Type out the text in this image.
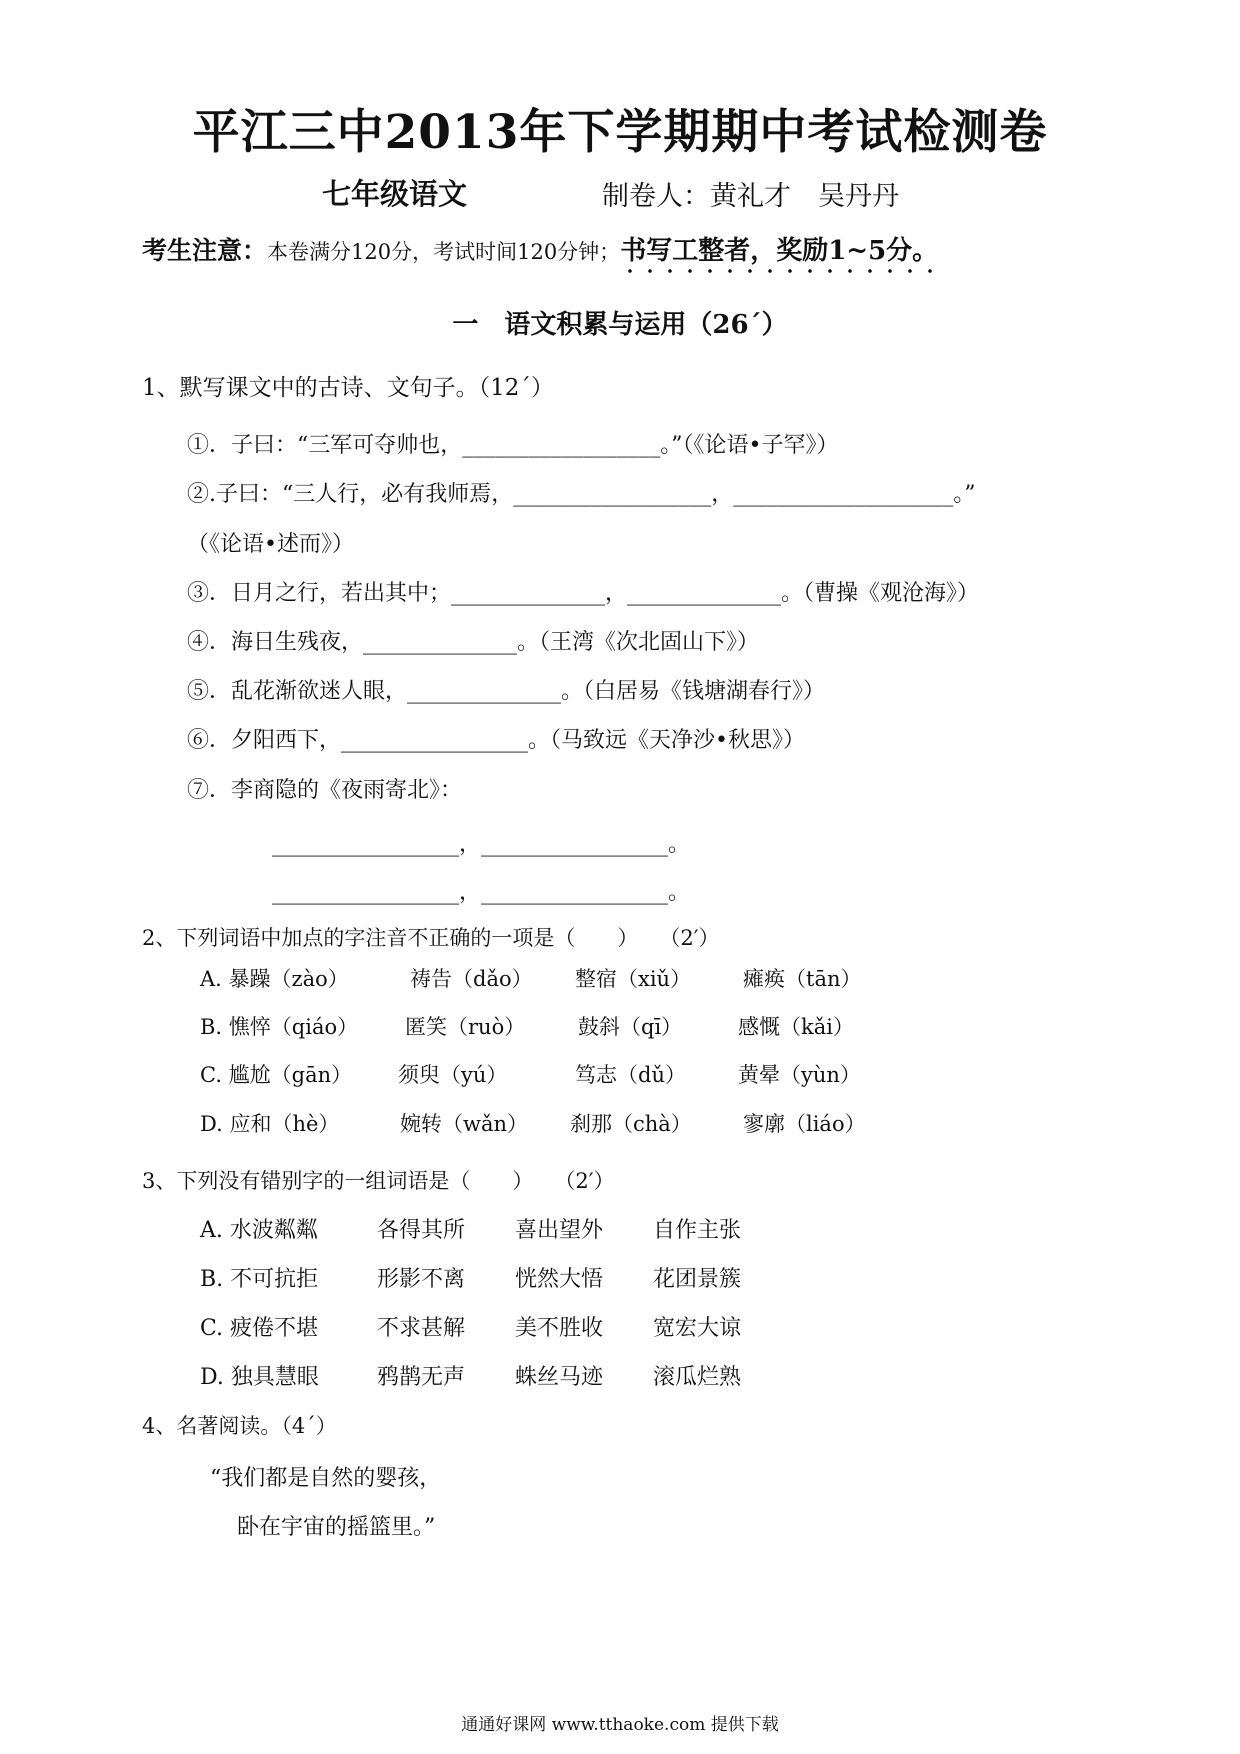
平江三中2013年下学期期中考试检测卷
七年级语文	制卷人：黄礼才　吴丹丹
考生注意：本卷满分120分，考试时间120分钟；书写工整者，奖励1~5分。
一　语文积累与运用（26´）
1、默写课文中的古诗、文句子。（12´）
①．子曰：“三军可夺帅也，__________________。”（《论语•子罕》）
②.子曰：“三人行，必有我师焉，__________________，____________________。”
（《论语•述而》）
③．日月之行，若出其中；______________，______________。（曹操《观沧海》）
④．海日生残夜，______________。（王湾《次北固山下》）
⑤．乱花渐欲迷人眼，______________。（白居易《钱塘湖春行》）
⑥．夕阳西下，_________________。（马致远《天净沙•秋思》）
⑦．李商隐的《夜雨寄北》：
_________________，_________________。
_________________，_________________。
2、下列词语中加点的字注音不正确的一项是（　　）　　（2′）
A. 暴躁（zào）	祷告（dǎo） 整宿（xiǔ） 瘫痪（tān）
B. 憔悴（qiáo） 匿笑（ruò）	鼓斜（qī）	感慨（kǎi）
C. 尴尬（gān） 须臾（yú）	笃志（dǔ） 黄晕（yùn）
D. 应和（hè）	婉转（wǎn） 刹那（chà） 寥廓（liáo）
3、下列没有错别字的一组词语是（　　）　　（2′）
A. 水波粼粼	各得其所 喜出望外 自作主张
B. 不可抗拒	形影不离 恍然大悟 花团景簇
C. 疲倦不堪	不求甚解 美不胜收 宽宏大谅
D. 独具慧眼	鸦鹊无声 蛛丝马迹 滚瓜烂熟
4、名著阅读。（4´）
“我们都是自然的婴孩，
卧在宇宙的摇篮里。”
通通好课网 www.tthaoke.com 提供下载
